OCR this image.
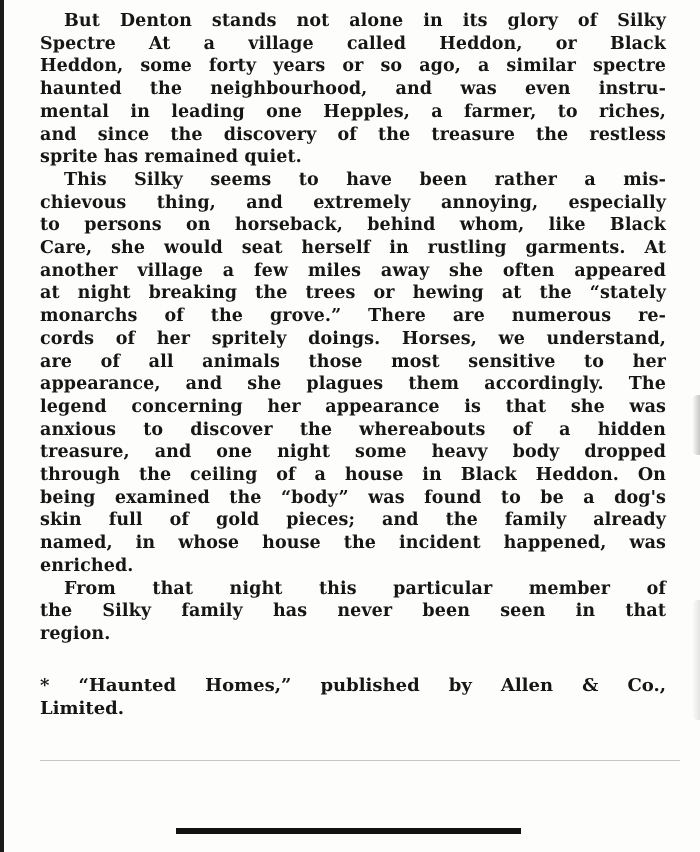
But Denton stands not alone in its glory of Silky
Spectre At a village called Heddon, or Black
Heddon, some forty years or so ago, a similar spectre
haunted the neighbourhood, and was even instru-
mental in leading one Hepples, a farmer, to riches,
and since the discovery of the treasure the restless
sprite has remained quiet.

This Silky seems to have been rather a mis-
chievous thing, and extremely annoying, especially
to persons on horseback, behind whom, like Black
Care, she would seat herself in rustling garments. At
another village a few miles away she often appeared
at night breaking the trees or hewing at the “stately
monarchs of the grove.” There are numerous re-
cords of her spritely doings. Horses, we understand,
are of all animals those most sensitive to her
appearance, and she plagues them accordingly. The
legend concerning her appearance is that she was
anxious to discover the whereabouts of a hidden
treasure, and one night some heavy body dropped
through the ceiling of a house in Black Heddon. On
being examined the “body” was found to be a dog's
skin full of gold pieces; and the family already
named, in whose house the incident happened, was
enriched.

From that night this particular member of
the Silky family has never been seen in that
region.

* “Haunted Homes,” published by Allen & Co.,
Limited.
